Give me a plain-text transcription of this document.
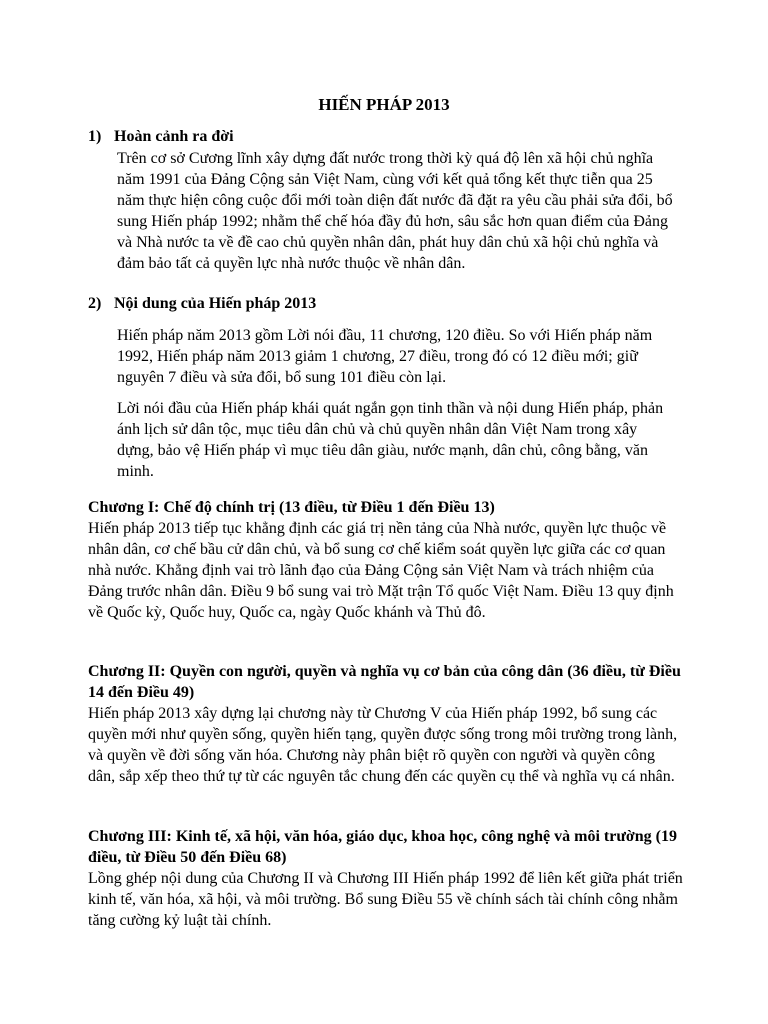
HIẾN PHÁP 2013
1) Hoàn cảnh ra đời
Trên cơ sở Cương lĩnh xây dựng đất nước trong thời kỳ quá độ lên xã hội chủ nghĩa năm 1991 của Đảng Cộng sản Việt Nam, cùng với kết quả tổng kết thực tiễn qua 25 năm thực hiện công cuộc đổi mới toàn diện đất nước đã đặt ra yêu cầu phải sửa đổi, bổ sung Hiến pháp 1992; nhằm thể chế hóa đầy đủ hơn, sâu sắc hơn quan điểm của Đảng và Nhà nước ta về đề cao chủ quyền nhân dân, phát huy dân chủ xã hội chủ nghĩa và đảm bảo tất cả quyền lực nhà nước thuộc về nhân dân.
2) Nội dung của Hiến pháp 2013
Hiến pháp năm 2013 gồm Lời nói đầu, 11 chương, 120 điều. So với Hiến pháp năm 1992, Hiến pháp năm 2013 giảm 1 chương, 27 điều, trong đó có 12 điều mới; giữ nguyên 7 điều và sửa đổi, bổ sung 101 điều còn lại.
Lời nói đầu của Hiến pháp khái quát ngắn gọn tinh thần và nội dung Hiến pháp, phản ánh lịch sử dân tộc, mục tiêu dân chủ và chủ quyền nhân dân Việt Nam trong xây dựng, bảo vệ Hiến pháp vì mục tiêu dân giàu, nước mạnh, dân chủ, công bằng, văn minh.
Chương I: Chế độ chính trị (13 điều, từ Điều 1 đến Điều 13)
Hiến pháp 2013 tiếp tục khẳng định các giá trị nền tảng của Nhà nước, quyền lực thuộc về nhân dân, cơ chế bầu cử dân chủ, và bổ sung cơ chế kiểm soát quyền lực giữa các cơ quan nhà nước. Khẳng định vai trò lãnh đạo của Đảng Cộng sản Việt Nam và trách nhiệm của Đảng trước nhân dân. Điều 9 bổ sung vai trò Mặt trận Tổ quốc Việt Nam. Điều 13 quy định về Quốc kỳ, Quốc huy, Quốc ca, ngày Quốc khánh và Thủ đô.
Chương II: Quyền con người, quyền và nghĩa vụ cơ bản của công dân (36 điều, từ Điều 14 đến Điều 49)
Hiến pháp 2013 xây dựng lại chương này từ Chương V của Hiến pháp 1992, bổ sung các quyền mới như quyền sống, quyền hiến tạng, quyền được sống trong môi trường trong lành, và quyền về đời sống văn hóa. Chương này phân biệt rõ quyền con người và quyền công dân, sắp xếp theo thứ tự từ các nguyên tắc chung đến các quyền cụ thể và nghĩa vụ cá nhân.
Chương III: Kinh tế, xã hội, văn hóa, giáo dục, khoa học, công nghệ và môi trường (19 điều, từ Điều 50 đến Điều 68)
Lồng ghép nội dung của Chương II và Chương III Hiến pháp 1992 để liên kết giữa phát triển kinh tế, văn hóa, xã hội, và môi trường. Bổ sung Điều 55 về chính sách tài chính công nhằm tăng cường kỷ luật tài chính.
